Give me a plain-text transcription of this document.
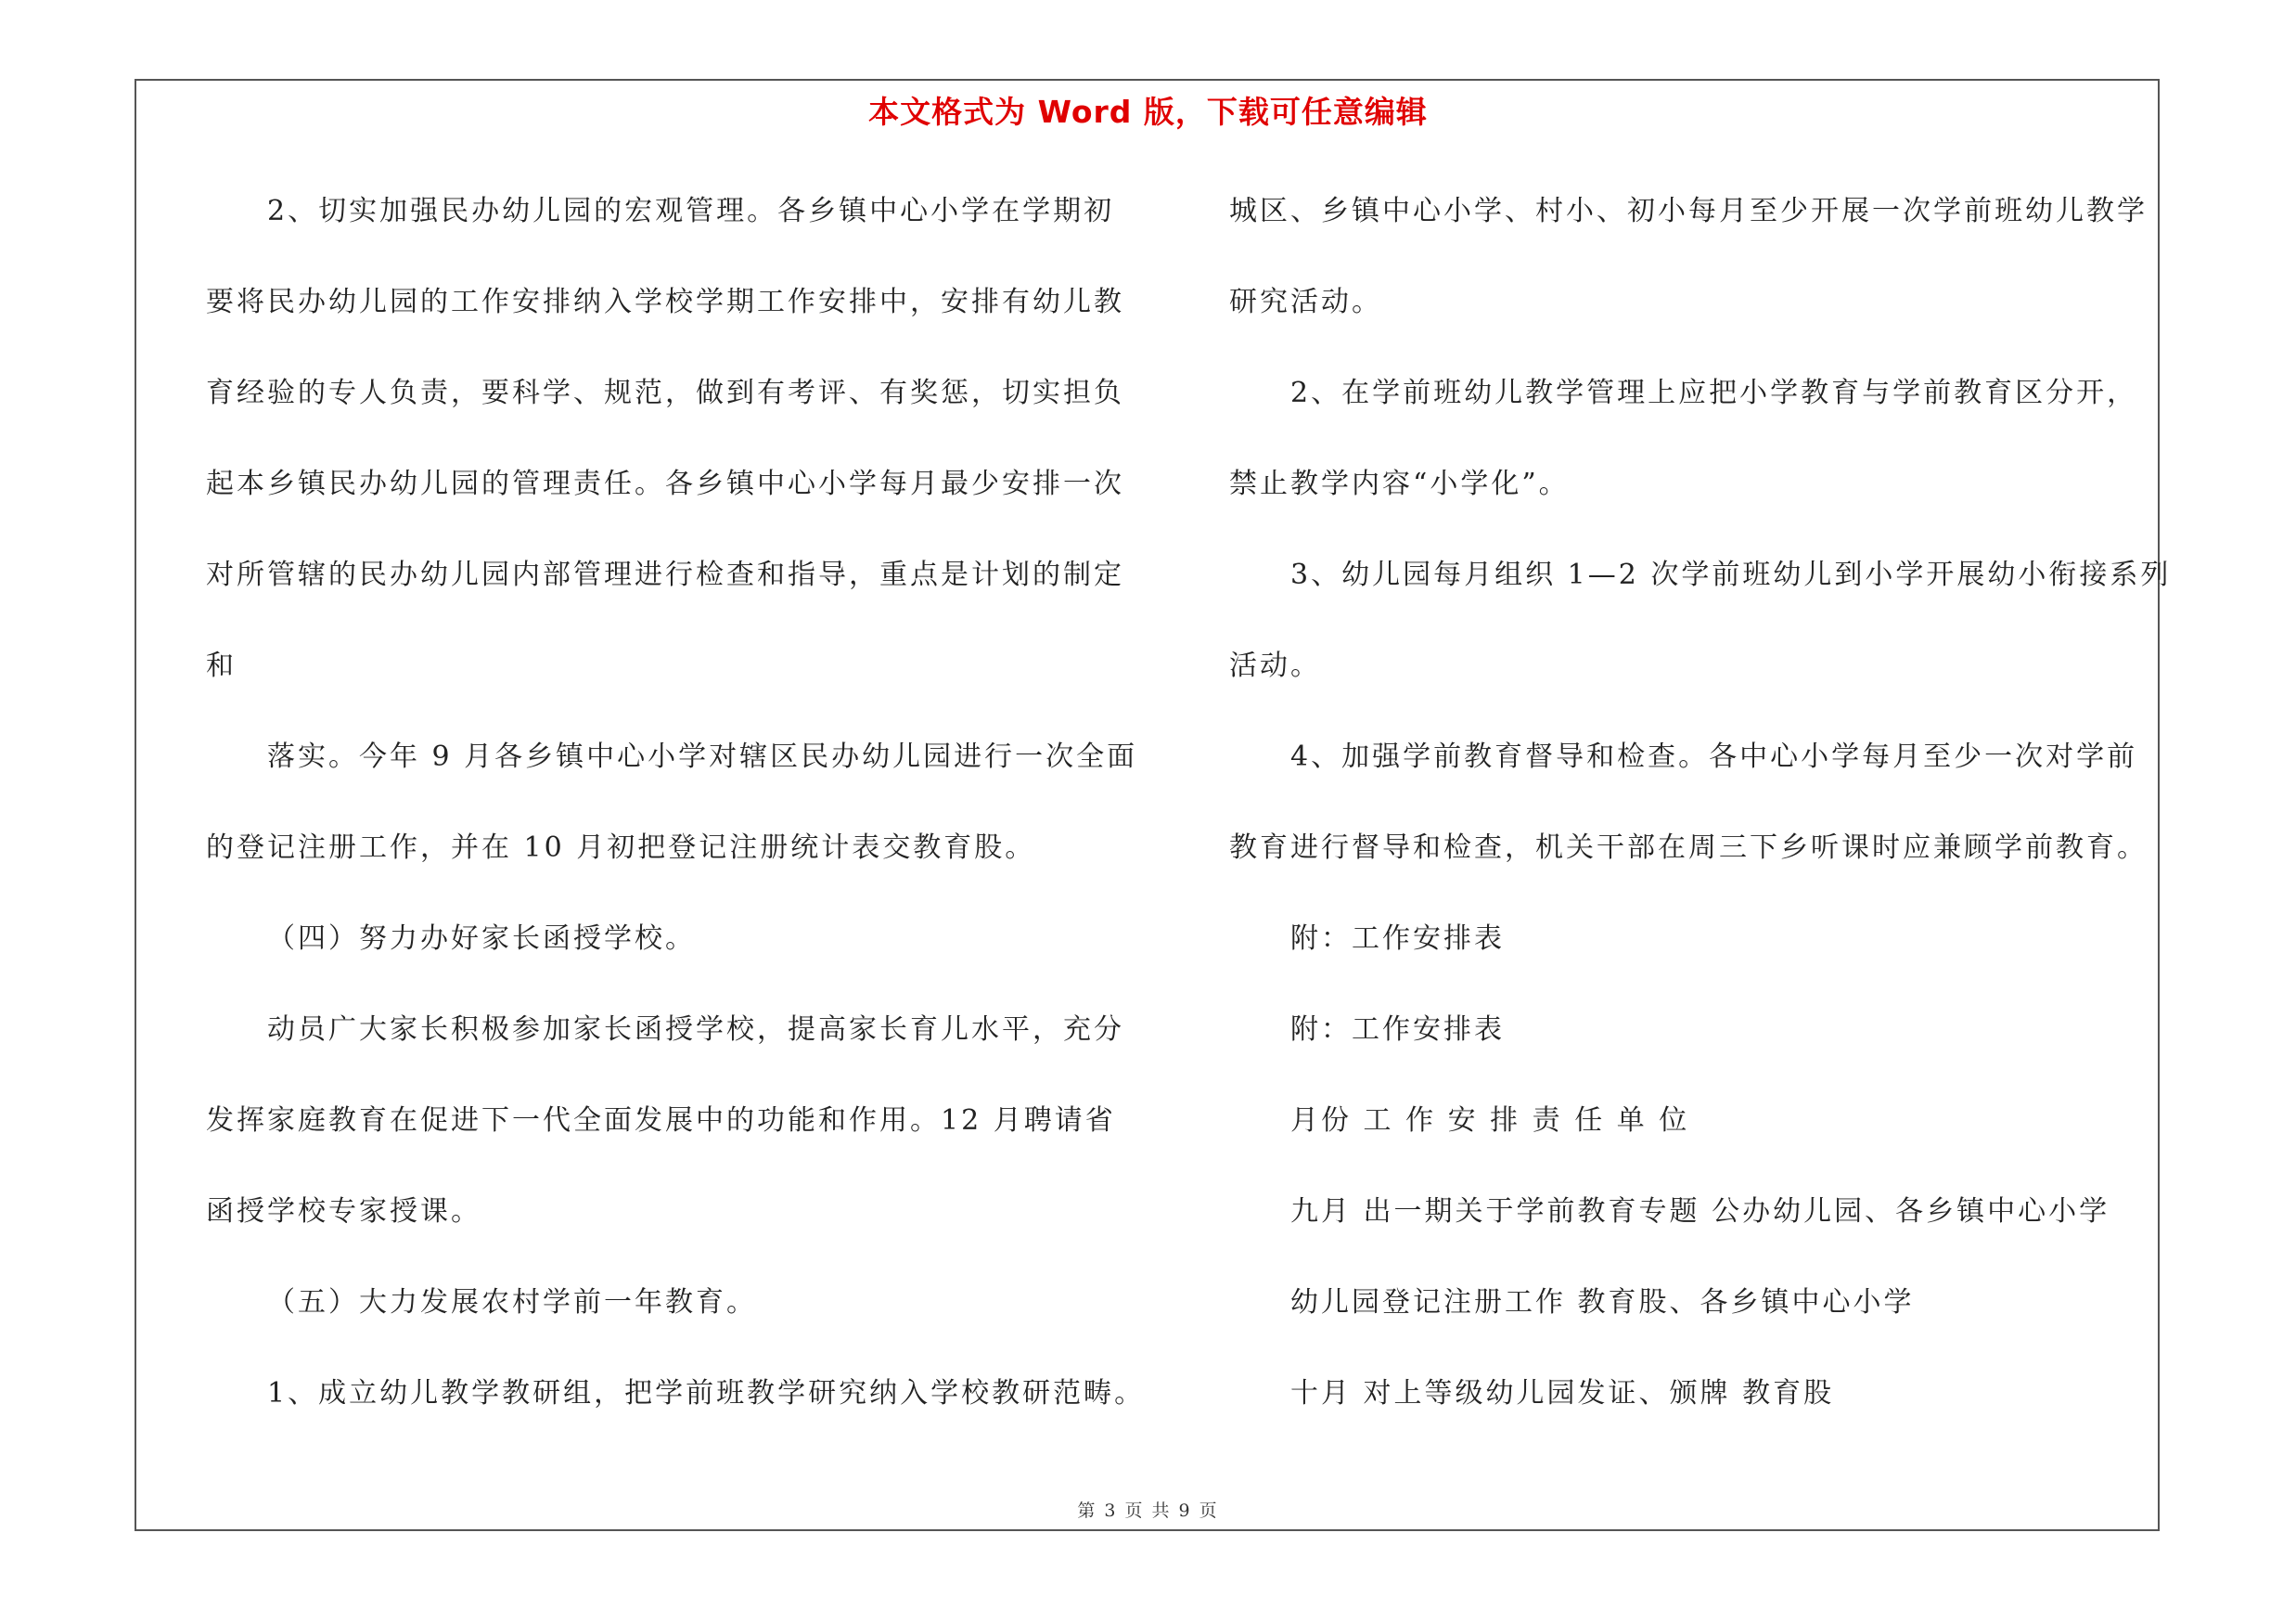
本文格式为 Word 版，下载可任意编辑
2、切实加强民办幼儿园的宏观管理。各乡镇中心小学在学期初
要将民办幼儿园的工作安排纳入学校学期工作安排中，安排有幼儿教
育经验的专人负责，要科学、规范，做到有考评、有奖惩，切实担负
起本乡镇民办幼儿园的管理责任。各乡镇中心小学每月最少安排一次
对所管辖的民办幼儿园内部管理进行检查和指导，重点是计划的制定
和
落实。今年 9 月各乡镇中心小学对辖区民办幼儿园进行一次全面
的登记注册工作，并在 10 月初把登记注册统计表交教育股。
（四）努力办好家长函授学校。
动员广大家长积极参加家长函授学校，提高家长育儿水平，充分
发挥家庭教育在促进下一代全面发展中的功能和作用。12 月聘请省
函授学校专家授课。
（五）大力发展农村学前一年教育。
1、成立幼儿教学教研组，把学前班教学研究纳入学校教研范畴。
城区、乡镇中心小学、村小、初小每月至少开展一次学前班幼儿教学
研究活动。
2、在学前班幼儿教学管理上应把小学教育与学前教育区分开，
禁止教学内容“小学化”。
3、幼儿园每月组织 1—2 次学前班幼儿到小学开展幼小衔接系列
活动。
4、加强学前教育督导和检查。各中心小学每月至少一次对学前
教育进行督导和检查，机关干部在周三下乡听课时应兼顾学前教育。
附：工作安排表
附：工作安排表
月份 工 作 安 排 责 任 单 位
九月 出一期关于学前教育专题 公办幼儿园、各乡镇中心小学
幼儿园登记注册工作 教育股、各乡镇中心小学
十月 对上等级幼儿园发证、颁牌 教育股
第 3 页 共 9 页
